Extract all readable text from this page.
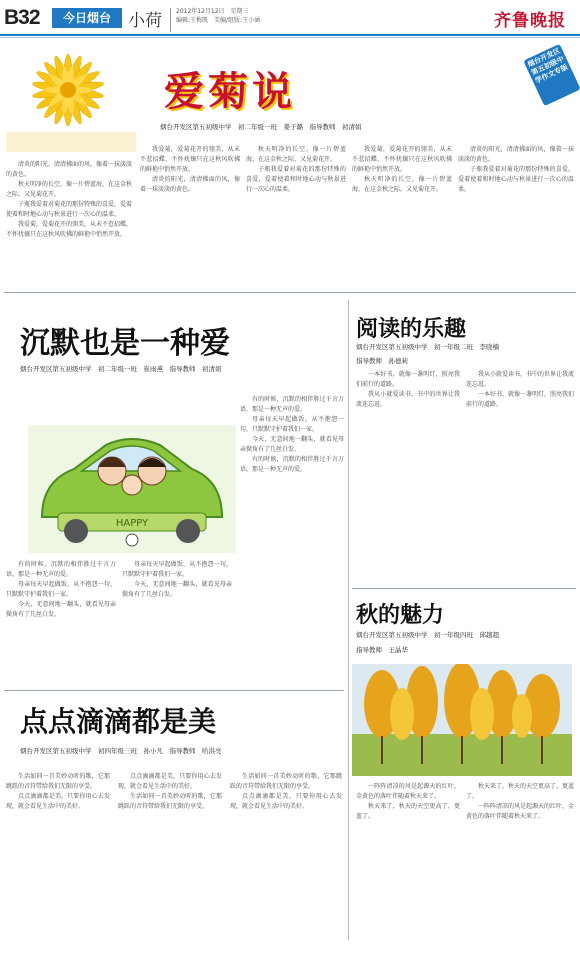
B32	今日烟台	小荷 2012年12月12日　星期三
编辑:王梅凯　美编/组版:王小涵	齐鲁晚报
烟台开发区第五初级中学作文专版
爱菊说
烟台开发区第五初级中学　初二年级一班　姜子璐　指导教师　初清娟

清炎的阳光，清清拂面的风，像着一抹淡淡的黄色。

秋天明净的长空，像一片碧蓝海，在这金秋之际，又见菊花开。

子瓶我爱着对菊花的那份特殊的喜爱，爱着使着和时地心动与秋景进行一次心的温柔。

我爱菊，爱菊花开的翎美，从未不惹招蝶，不怀扰攘只在这秋风吹拂的鲜艳中悄然开放。

我爱菊，爱菊花开的翎美，从未不惹招蝶，不怀扰攘只在这秋风吹拂的鲜艳中悄然开放。

清炎的阳光，清清拂面的风，像着一抹淡淡的黄色。

秋天明净的长空，像一片碧蓝海，在这金秋之际，又见菊花开。

子瓶我爱着对菊花的那份特殊的喜爱，爱着使着和时地心动与秋景进行一次心的温柔。

我爱菊，爱菊花开的翎美，从未不惹招蝶，不怀扰攘只在这秋风吹拂的鲜艳中悄然开放。

秋天明净的长空，像一片碧蓝海，在这金秋之际，又见菊花开。

清炎的阳光，清清拂面的风，像着一抹淡淡的黄色。

子瓶我爱着对菊花的那份特殊的喜爱，爱着使着和时地心动与秋景进行一次心的温柔。

沉默也是一种爱
烟台开发区第五初级中学　初二年级一班　崔雨燕　指导教师　初清娟
HAPPY

有的时候，沉默的相伴胜过千言万语，那是一种无声的爱。

母亲每天早起做饭，从不抱怨一句，只默默守护着我们一家。

今天，无意间地一翻头，就看见母亲鬓角有了几丝白发。

母亲每天早起做饭，从不抱怨一句，只默默守护着我们一家。

今天，无意间地一翻头，就看见母亲鬓角有了几丝白发。

有的时候，沉默的相伴胜过千言万语，那是一种无声的爱。

母亲每天早起做饭，从不抱怨一句，只默默守护着我们一家。

今天，无意间地一翻头，就看见母亲鬓角有了几丝白发。

有的时候，沉默的相伴胜过千言万语，那是一种无声的爱。

阅读的乐趣
烟台开发区第五初级中学　初一年级二班　李晓楠
指导教师　孙德莉

一本好书，就像一盏明灯，照亮我们前行的道路。

我从小就爱读书，书中的世界让我流连忘返。

我从小就爱读书，书中的世界让我流连忘返。

一本好书，就像一盏明灯，照亮我们前行的道路。

秋的魅力
烟台开发区第五初级中学　初一年级四班　邱越超
指导教师　王晶华

一阵阵清凉的风是起源天的红叶，金黄色的落叶伴随着秋天来了。

秋天来了，秋天的天空更高了，更蓝了。

秋天来了，秋天的天空更高了，更蓝了。

一阵阵清凉的风是起源天的红叶，金黄色的落叶伴随着秋天来了。

点点滴滴都是美
烟台开发区第五初级中学　初四年级三班　孙小凡　指导教师　哈洪亮

生活如同一首美妙动听的歌，它那跳跃的音符带给我们无限的享受。

点点滴滴都是美，只要你用心去发现，就会看见生活中的美好。

点点滴滴都是美，只要你用心去发现，就会看见生活中的美好。

生活如同一首美妙动听的歌，它那跳跃的音符带给我们无限的享受。

生活如同一首美妙动听的歌，它那跳跃的音符带给我们无限的享受。

点点滴滴都是美，只要你用心去发现，就会看见生活中的美好。
